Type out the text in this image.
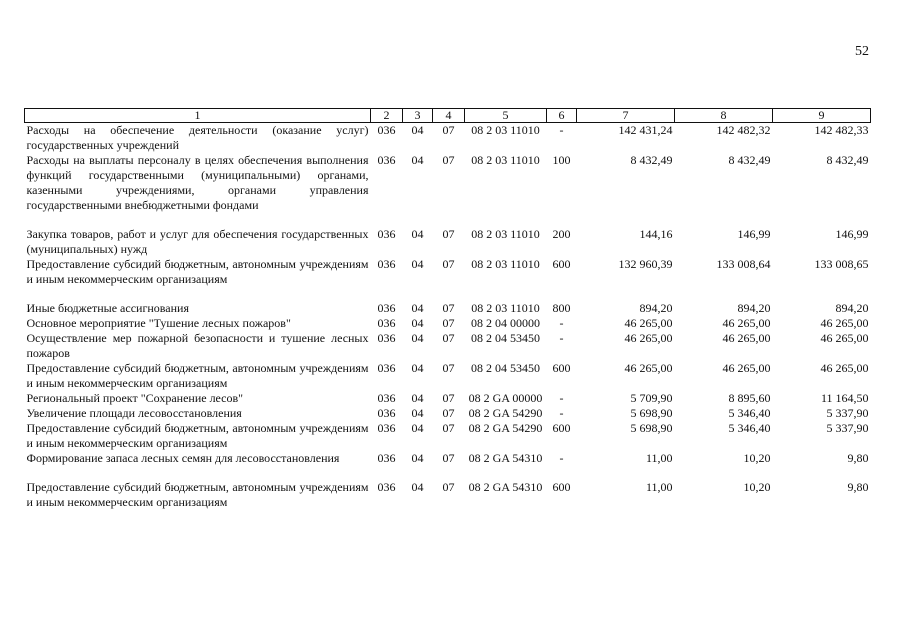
52
1	2	3	4	5	6	7	8	9
Расходы на обеспечение деятельности (оказание услуг) государственных учреждений	036	04	07	08 2 03 11010	-	142 431,24	142 482,32	142 482,33
Расходы на выплаты персоналу в целях обеспечения выполнения функций государственными (муниципальными) органами, казенными учреждениями, органами управления государственными внебюджетными фондами	036	04	07	08 2 03 11010	100	8 432,49	8 432,49	8 432,49
Закупка товаров, работ и услуг для обеспечения государственных (муниципальных) нужд	036	04	07	08 2 03 11010	200	144,16	146,99	146,99
Предоставление субсидий бюджетным, автономным учреждениям и иным некоммерческим организациям	036	04	07	08 2 03 11010	600	132 960,39	133 008,64	133 008,65
Иные бюджетные ассигнования	036	04	07	08 2 03 11010	800	894,20	894,20	894,20
Основное мероприятие "Тушение лесных пожаров"	036	04	07	08 2 04 00000	-	46 265,00	46 265,00	46 265,00
Осуществление мер пожарной безопасности и тушение лесных пожаров	036	04	07	08 2 04 53450	-	46 265,00	46 265,00	46 265,00
Предоставление субсидий бюджетным, автономным учреждениям и иным некоммерческим организациям	036	04	07	08 2 04 53450	600	46 265,00	46 265,00	46 265,00
Региональный проект "Сохранение лесов"	036	04	07	08 2 GA 00000	-	5 709,90	8 895,60	11 164,50
Увеличение площади лесовосстановления	036	04	07	08 2 GA 54290	-	5 698,90	5 346,40	5 337,90
Предоставление субсидий бюджетным, автономным учреждениям и иным некоммерческим организациям	036	04	07	08 2 GA 54290	600	5 698,90	5 346,40	5 337,90
Формирование запаса лесных семян для лесовосстановления	036	04	07	08 2 GA 54310	-	11,00	10,20	9,80
Предоставление субсидий бюджетным, автономным учреждениям и иным некоммерческим организациям	036	04	07	08 2 GA 54310	600	11,00	10,20	9,80
